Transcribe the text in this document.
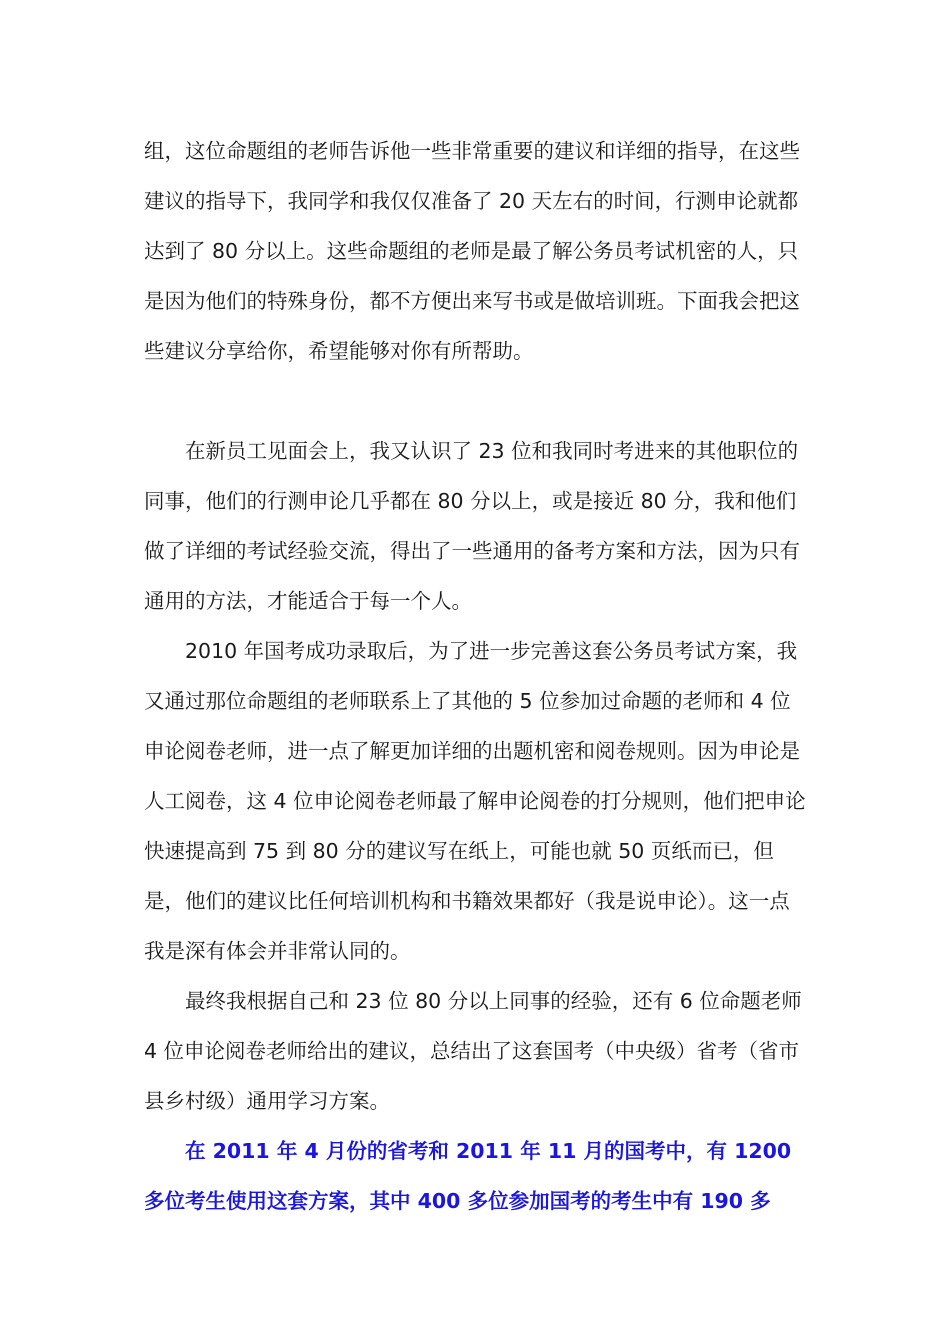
组，这位命题组的老师告诉他一些非常重要的建议和详细的指导，在这些建议的指导下，我同学和我仅仅准备了 20 天左右的时间，行测申论就都达到了 80 分以上。这些命题组的老师是最了解公务员考试机密的人，只是因为他们的特殊身份，都不方便出来写书或是做培训班。下面我会把这些建议分享给你，希望能够对你有所帮助。

在新员工见面会上，我又认识了 23 位和我同时考进来的其他职位的同事，他们的行测申论几乎都在 80 分以上，或是接近 80 分，我和他们做了详细的考试经验交流，得出了一些通用的备考方案和方法，因为只有通用的方法，才能适合于每一个人。

2010 年国考成功录取后，为了进一步完善这套公务员考试方案，我又通过那位命题组的老师联系上了其他的 5 位参加过命题的老师和 4 位申论阅卷老师，进一点了解更加详细的出题机密和阅卷规则。因为申论是人工阅卷，这 4 位申论阅卷老师最了解申论阅卷的打分规则，他们把申论快速提高到 75 到 80 分的建议写在纸上，可能也就 50 页纸而已，但是，他们的建议比任何培训机构和书籍效果都好（我是说申论）。这一点我是深有体会并非常认同的。

最终我根据自己和 23 位 80 分以上同事的经验，还有 6 位命题老师 4 位申论阅卷老师给出的建议，总结出了这套国考（中央级）省考（省市县乡村级）通用学习方案。

在 2011 年 4 月份的省考和 2011 年 11 月的国考中，有 1200 多位考生使用这套方案，其中 400 多位参加国考的考生中有 190 多
